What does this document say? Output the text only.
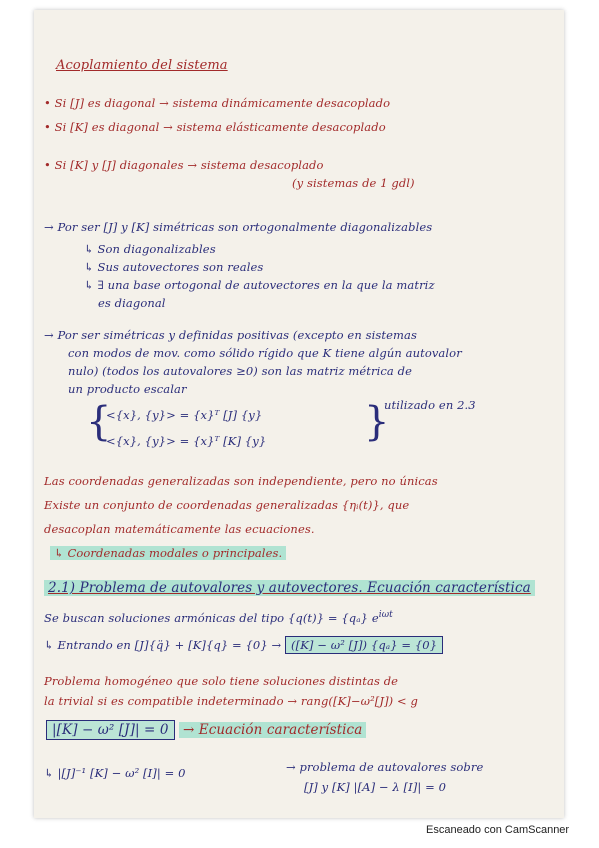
Acoplamiento del sistema
• Si [J] es diagonal → sistema dinámicamente desacoplado
• Si [K] es diagonal → sistema elásticamente desacoplado
• Si [K] y [J] diagonales → sistema desacoplado
(y sistemas de 1 gdl)
→ Por ser [J] y [K] simétricas son ortogonalmente diagonalizables
↳ Son diagonalizables
↳ Sus autovectores son reales
↳ ∃ una base ortogonal de autovectores en la que la matriz
es diagonal
→ Por ser simétricas y definidas positivas (excepto en sistemas
con modos de mov. como sólido rígido que K tiene algún autovalor
nulo) (todos los autovalores ≥0) son las matriz métrica de
un producto escalar
{
<{x}, {y}> = {x}ᵀ [J] {y}
<{x}, {y}> = {x}ᵀ [K] {y} }
utilizado en 2.3
Las coordenadas generalizadas son independiente, pero no únicas
Existe un conjunto de coordenadas generalizadas {ηᵢ(t)}, que
desacoplan matemáticamente las ecuaciones.
↳ Coordenadas modales o principales.
2.1) Problema de autovalores y autovectores. Ecuación característica
Se buscan soluciones armónicas del tipo {q(t)} = {qₐ} $e^{i\omega t}$
↳ Entrando en [J]{q̈} + [K]{q} = {0} → ([K] − ω² [J]) {qₐ} = {0}
Problema homogéneo que solo tiene soluciones distintas de
la trivial si es compatible indeterminado → rang([K]−ω²[J]) < g
|[K] − ω² [J]| = 0 → Ecuación característica
↳ |[J]⁻¹ [K] − ω² [I]| = 0	→ problema de autovalores sobre
[J] y [K] |[A] − λ [I]| = 0
Escaneado con CamScanner
